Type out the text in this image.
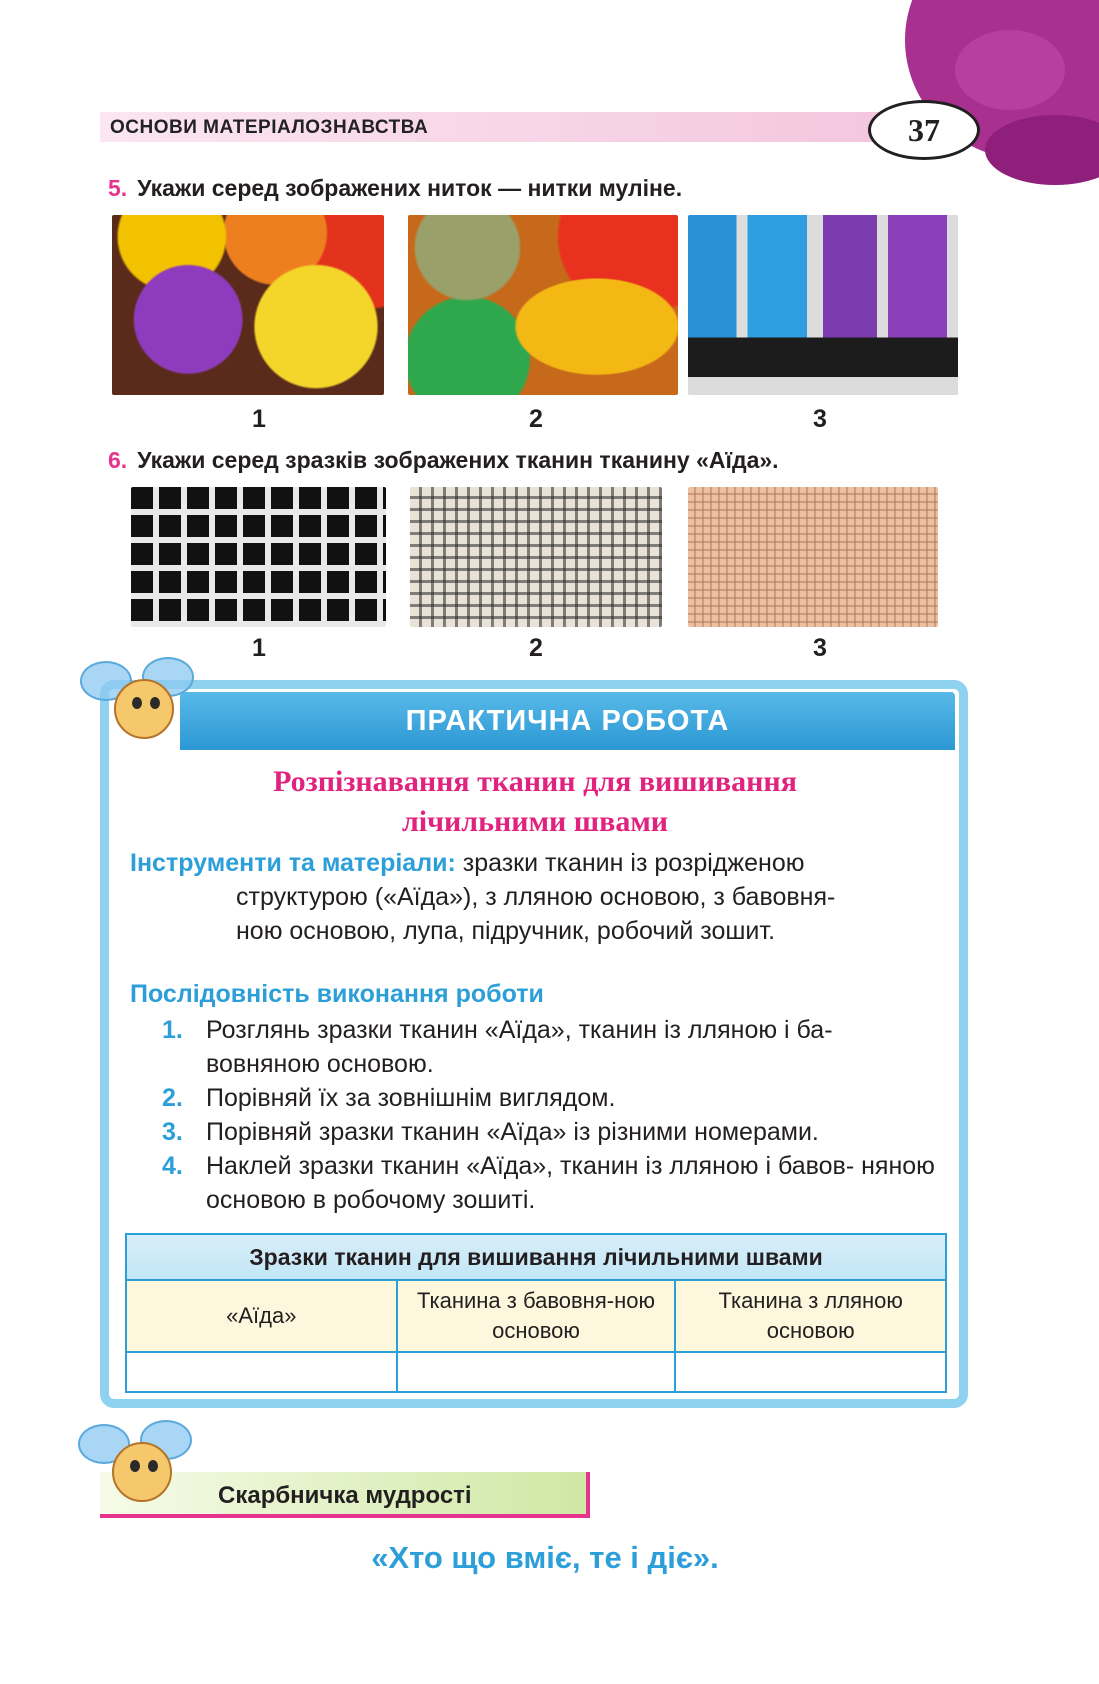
ОСНОВИ МАТЕРІАЛОЗНАВСТВА	37
5. Укажи серед зображених ниток — нитки муліне.
1	2	3
6. Укажи серед зразків зображених тканин тканину «Аїда».
1	2	3
ПРАКТИЧНА РОБОТА
Розпізнавання тканин для вишивання
лічильними швами
Інструменти та матеріали: зразки тканин із розрідженою
структурою («Аїда»), з лляною основою, з бавовня-
ною основою, лупа, підручник, робочий зошит.
Послідовність виконання роботи
1. Розглянь зразки тканин «Аїда», тканин із лляною і ба- вовняною основою.
2. Порівняй їх за зовнішнім виглядом.
3. Порівняй зразки тканин «Аїда» із різними номерами.
4. Наклей зразки тканин «Аїда», тканин із лляною і бавов- няною основою в робочому зошиті.
Зразки тканин для вишивання лічильними швами		
«Аїда»	Тканина з бавовня-ною основою	Тканина з лляною основою

Скарбничка мудрості
«Хто що вміє, те і діє».
